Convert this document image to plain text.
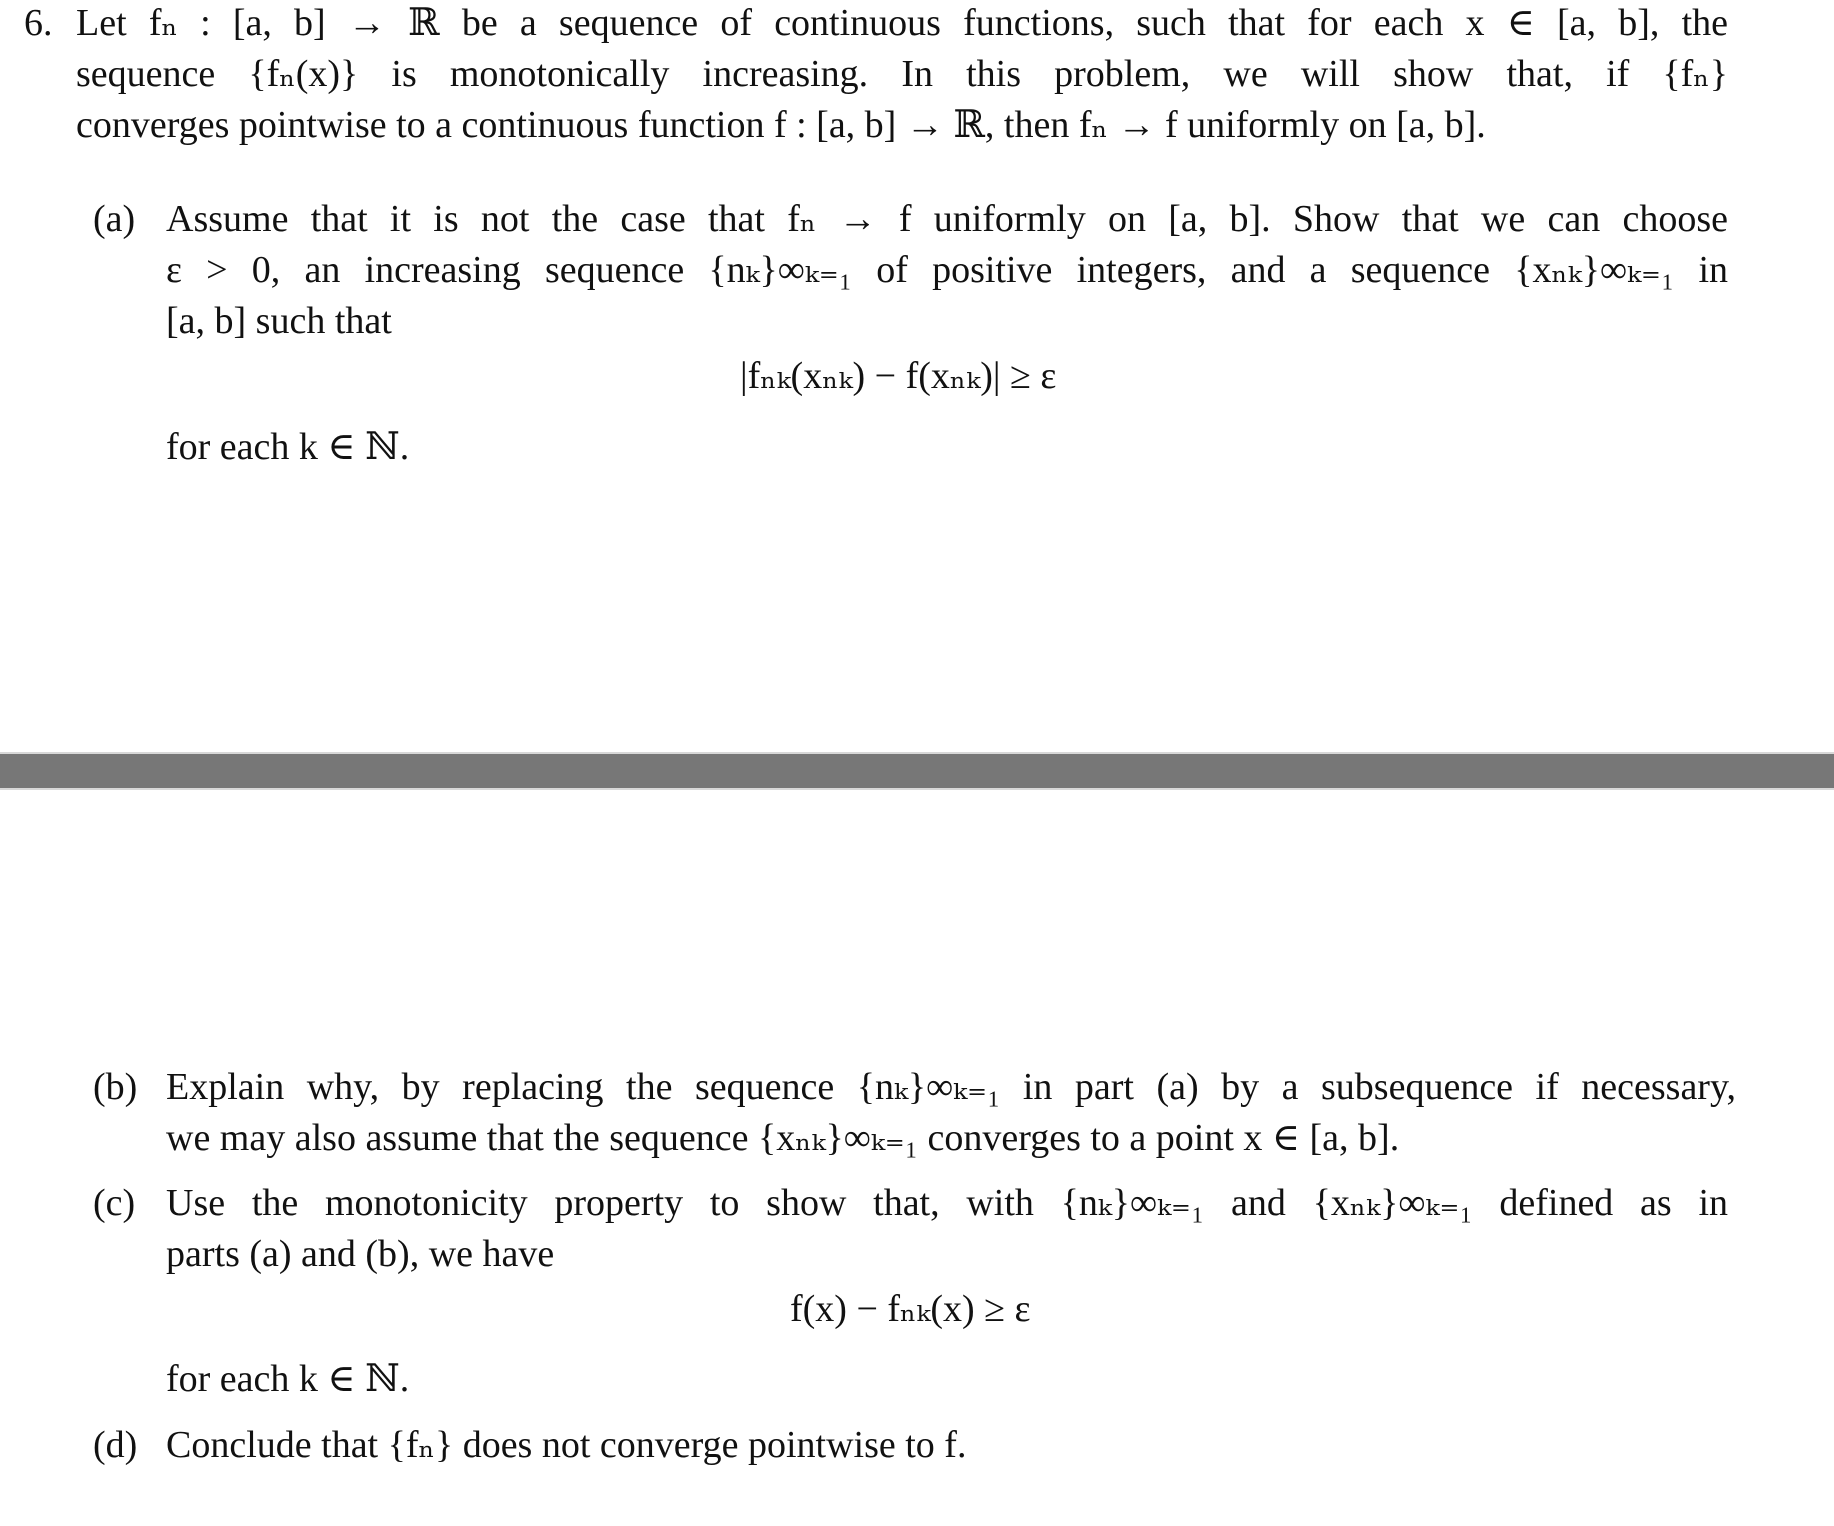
6. Let fₙ : [a, b] → ℝ be a sequence of continuous functions, such that for each x ∈ [a, b], the
sequence {fₙ(x)} is monotonically increasing. In this problem, we will show that, if {fₙ}
converges pointwise to a continuous function f : [a, b] → ℝ, then fₙ → f uniformly on [a, b].
(a) Assume that it is not the case that fₙ → f uniformly on [a, b]. Show that we can choose
ε > 0, an increasing sequence {nₖ}∞ₖ₌₁ of positive integers, and a sequence {xₙₖ}∞ₖ₌₁ in
[a, b] such that
|fₙₖ(xₙₖ) − f(xₙₖ)| ≥ ε
for each k ∈ ℕ.
(b) Explain why, by replacing the sequence {nₖ}∞ₖ₌₁ in part (a) by a subsequence if necessary,
we may also assume that the sequence {xₙₖ}∞ₖ₌₁ converges to a point x ∈ [a, b].
(c) Use the monotonicity property to show that, with {nₖ}∞ₖ₌₁ and {xₙₖ}∞ₖ₌₁ defined as in
parts (a) and (b), we have
f(x) − fₙₖ(x) ≥ ε
for each k ∈ ℕ.
(d) Conclude that {fₙ} does not converge pointwise to f.
